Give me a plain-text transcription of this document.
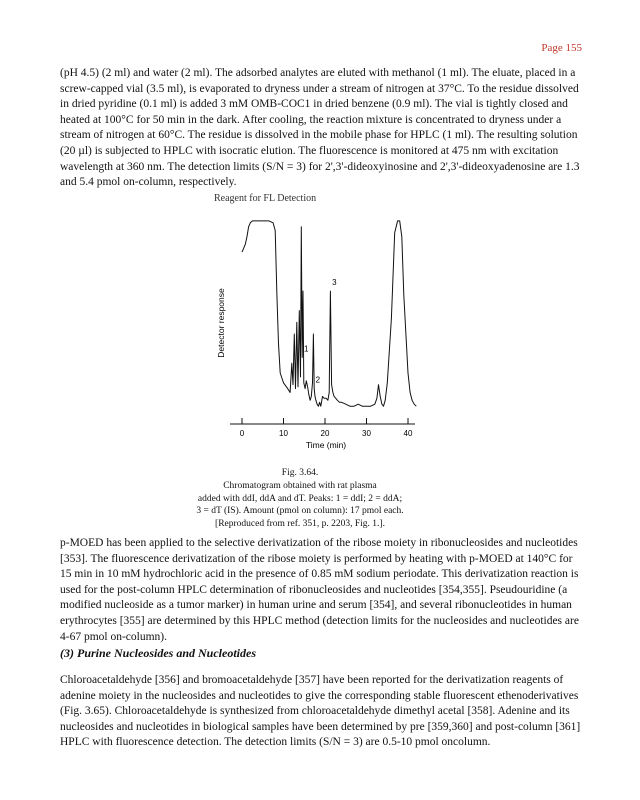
Page 155

(pH 4.5) (2 ml) and water (2 ml). The adsorbed analytes are eluted with methanol (1 ml). The eluate, placed in a screw-capped vial (3.5 ml), is evaporated to dryness under a stream of nitrogen at 37°C. To the residue dissolved in dried pyridine (0.1 ml) is added 3 mM OMB-COC1 in dried benzene (0.9 ml). The vial is tightly closed and heated at 100°C for 50 min in the dark. After cooling, the reaction mixture is concentrated to dryness under a stream of nitrogen at 60°C. The residue is dissolved in the mobile phase for HPLC (1 ml). The resulting solution (20 µl) is subjected to HPLC with isocratic elution. The fluorescence is monitored at 475 nm with excitation wavelength at 360 nm. The detection limits (S/N = 3) for 2',3'-dideoxyinosine and 2',3'-dideoxyadenosine are 1.3 and 5.4 pmol on-column, respectively.

Reagent for FL Detection
Detector response
Time (min)
0	10	20	30	40
1
2
3
Fig. 3.64.
Chromatogram obtained with rat plasma
added with ddI, ddA and dT. Peaks: 1 = ddI; 2 = ddA;
3 = dT (IS). Amount (pmol on column): 17 pmol each.
[Reproduced from ref. 351, p. 2203, Fig. 1.].

p-MOED has been applied to the selective derivatization of the ribose moiety in ribonucleosides and nucleotides [353]. The fluorescence derivatization of the ribose moiety is performed by heating with p-MOED at 140°C for 15 min in 10 mM hydrochloric acid in the presence of 0.85 mM sodium periodate. This derivatization reaction is used for the post-column HPLC determination of ribonucleosides and nucleotides [354,355]. Pseudouridine (a modified nucleoside as a tumor marker) in human urine and serum [354], and several ribonucleotides in human erythrocytes [355] are determined by this HPLC method (detection limits for the nucleosides and nucleotides are 4-67 pmol on-column).

(3) Purine Nucleosides and Nucleotides

Chloroacetaldehyde [356] and bromoacetaldehyde [357] have been reported for the derivatization reagents of adenine moiety in the nucleosides and nucleotides to give the corresponding stable fluorescent ethenoderivatives (Fig. 3.65). Chloroacetaldehyde is synthesized from chloroacetaldehyde dimethyl acetal [358]. Adenine and its nucleosides and nucleotides in biological samples have been determined by pre [359,360] and post-column [361] HPLC with fluorescence detection. The detection limits (S/N = 3) are 0.5-10 pmol oncolumn.
